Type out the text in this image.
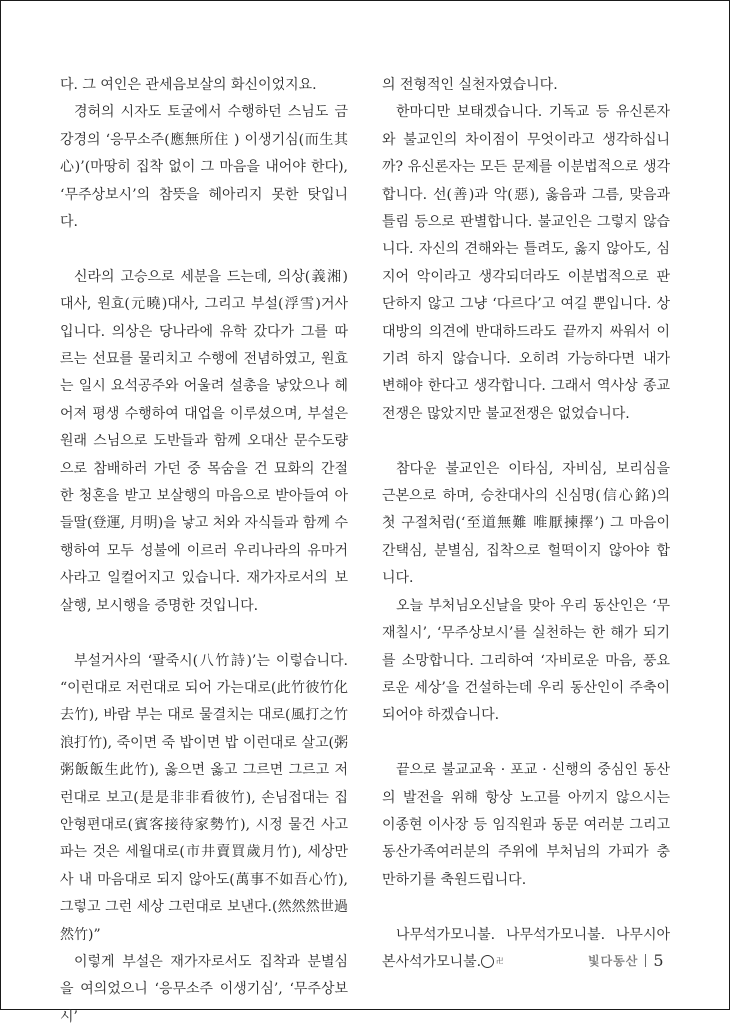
다. 그 여인은 관세음보살의 화신이었지요.

경허의 시자도 토굴에서 수행하던 스님도 금강경의 ‘응무소주(應無所住 ) 이생기심(而生其心)’(마땅히 집착 없이 그 마음을 내어야 한다), ‘무주상보시’의 참뜻을 헤아리지 못한 탓입니다.

신라의 고승으로 세분을 드는데, 의상(義湘)대사, 원효(元曉)대사, 그리고 부설(浮雪)거사입니다. 의상은 당나라에 유학 갔다가 그를 따르는 선묘를 물리치고 수행에 전념하였고, 원효는 일시 요석공주와 어울려 설총을 낳았으나 헤어져 평생 수행하여 대업을 이루셨으며, 부설은 원래 스님으로 도반들과 함께 오대산 문수도량으로 참배하러 가던 중 목숨을 건 묘화의 간절한 청혼을 받고 보살행의 마음으로 받아들여 아들딸(登運, 月明)을 낳고 처와 자식들과 함께 수행하여 모두 성불에 이르러 우리나라의 유마거사라고 일컬어지고 있습니다. 재가자로서의 보살행, 보시행을 증명한 것입니다.

부설거사의 ‘팔죽시(八竹詩)’는 이렇습니다. “이런대로 저런대로 되어 가는대로(此竹彼竹化去竹), 바람 부는 대로 물결치는 대로(風打之竹浪打竹), 죽이면 죽 밥이면 밥 이런대로 살고(粥粥飯飯生此竹), 옳으면 옳고 그르면 그르고 저런대로 보고(是是非非看彼竹), 손님접대는 집안형편대로(賓客接待家勢竹), 시정 물건 사고파는 것은 세월대로(市井賣買歲月竹), 세상만사 내 마음대로 되지 않아도(萬事不如吾心竹), 그렇고 그런 세상 그런대로 보낸다.(然然然世過然竹)”

이렇게 부설은 재가자로서도 집착과 분별심을 여의었으니 ‘응무소주 이생기심’, ‘무주상보시’

의 전형적인 실천자였습니다.

한마디만 보태겠습니다. 기독교 등 유신론자와 불교인의 차이점이 무엇이라고 생각하십니까? 유신론자는 모든 문제를 이분법적으로 생각합니다. 선(善)과 악(惡), 옳음과 그름, 맞음과 틀림 등으로 판별합니다. 불교인은 그렇지 않습니다. 자신의 견해와는 틀려도, 옳지 않아도, 심지어 악이라고 생각되더라도 이분법적으로 판단하지 않고 그냥 ‘다르다’고 여길 뿐입니다. 상대방의 의견에 반대하드라도 끝까지 싸워서 이기려 하지 않습니다. 오히려 가능하다면 내가 변해야 한다고 생각합니다. 그래서 역사상 종교전쟁은 많았지만 불교전쟁은 없었습니다.

참다운 불교인은 이타심, 자비심, 보리심을 근본으로 하며, 승찬대사의 신심명(信心銘)의 첫 구절처럼(‘至道無難 唯厭揀擇’) 그 마음이 간택심, 분별심, 집착으로 헐떡이지 않아야 합니다.

오늘 부처님오신날을 맞아 우리 동산인은 ‘무재칠시’, ‘무주상보시’를 실천하는 한 해가 되기를 소망합니다. 그리하여 ‘자비로운 마음, 풍요로운 세상’을 건설하는데 우리 동산인이 주축이 되어야 하겠습니다.

끝으로 불교교육 · 포교 · 신행의 중심인 동산의 발전을 위해 항상 노고를 아끼지 않으시는 이종현 이사장 등 임직원과 동문 여러분 그리고 동산가족여러분의 주위에 부처님의 가피가 충만하기를 축원드립니다.

나무석가모니불. 나무석가모니불. 나무시아본사석가모니불. 卍	빛다동산 5
